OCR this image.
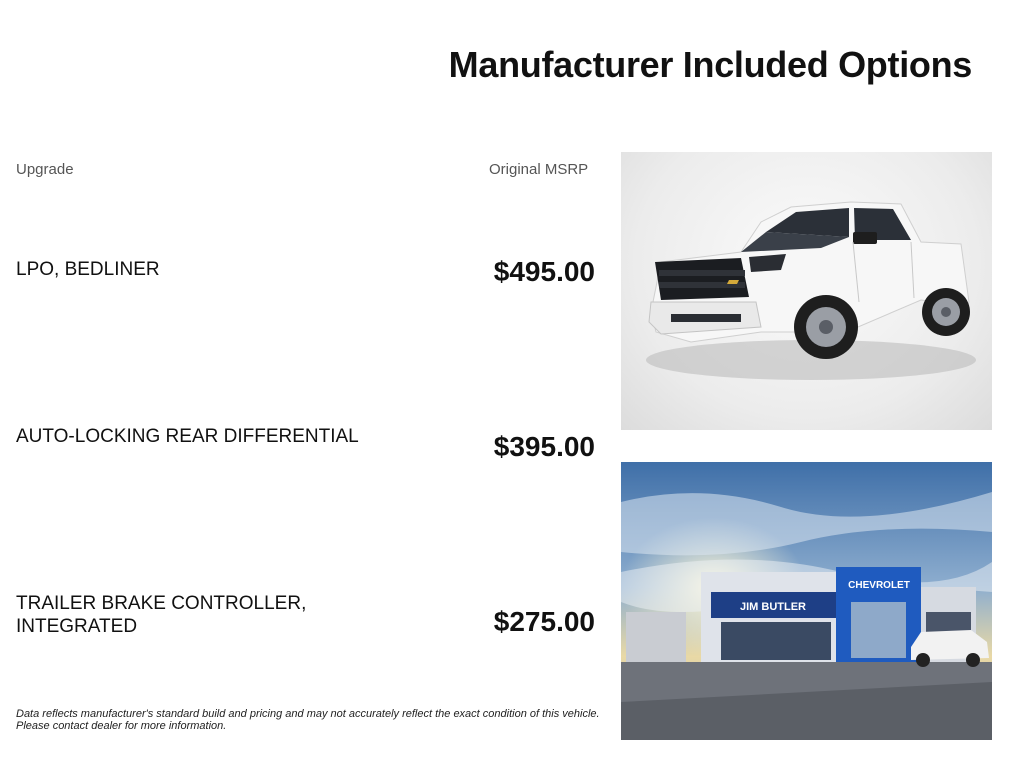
Manufacturer Included Options
Upgrade	Original MSRP
LPO, BEDLINER	$495.00
AUTO-LOCKING REAR DIFFERENTIAL	$395.00
TRAILER BRAKE CONTROLLER, INTEGRATED	$275.00
Data reflects manufacturer's standard build and pricing and may not accurately reflect the exact condition of this vehicle. Please contact dealer for more information.
JIM BUTLER
CHEVROLET
